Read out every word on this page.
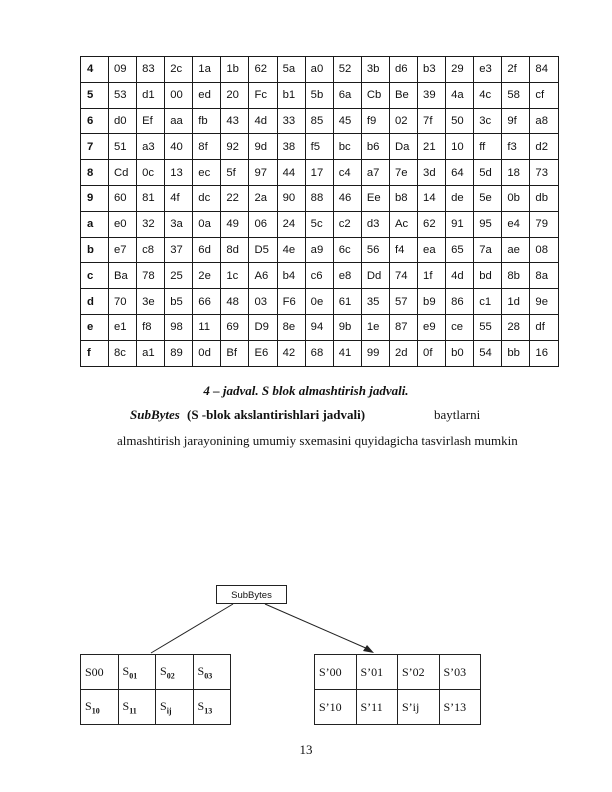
4	09	83	2c	1a	1b	62	5a	a0	52	3b	d6	b3	29	e3	2f	84
5	53	d1	00	ed	20	Fc	b1	5b	6a	Cb	Be	39	4a	4c	58	cf
6	d0	Ef	aa	fb	43	4d	33	85	45	f9	02	7f	50	3c	9f	a8
7	51	a3	40	8f	92	9d	38	f5	bc	b6	Da	21	10	ff	f3	d2
8	Cd	0c	13	ec	5f	97	44	17	c4	a7	7e	3d	64	5d	18	73
9	60	81	4f	dc	22	2a	90	88	46	Ee	b8	14	de	5e	0b	db
a	e0	32	3a	0a	49	06	24	5c	c2	d3	Ac	62	91	95	e4	79
b	e7	c8	37	6d	8d	D5	4e	a9	6c	56	f4	ea	65	7a	ae	08
c	Ba	78	25	2e	1c	A6	b4	c6	e8	Dd	74	1f	4d	bd	8b	8a
d	70	3e	b5	66	48	03	F6	0e	61	35	57	b9	86	c1	1d	9e
e	e1	f8	98	11	69	D9	8e	94	9b	1e	87	e9	ce	55	28	df
f	8c	a1	89	0d	Bf	E6	42	68	41	99	2d	0f	b0	54	bb	16
4 – jadval. S blok almashtirish jadvali.
SubBytes (S -blok akslantirishlari jadvali)	baytlarni
almashtirish jarayonining umumiy sxemasini quyidagicha tasvirlash mumkin
SubBytes
S00	$S_{01}$	$S_{02}$	$S_{03}$
$S_{10}$	$S_{11}$	$S_{ij}$	$S_{13}$
S’00	S’01	S’02	S’03
S’10	S’11	S’ij	S’13
13
